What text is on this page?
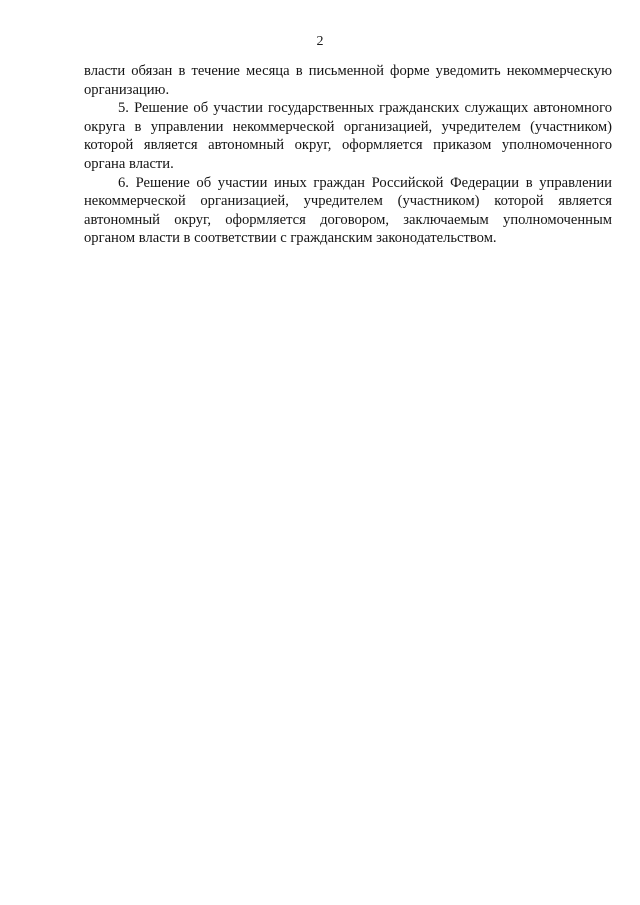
2

власти обязан в течение месяца в письменной форме уведомить некоммерческую организацию.

5. Решение об участии государственных гражданских служащих автономного округа в управлении некоммерческой организацией, учредителем (участником) которой является автономный округ, оформляется приказом уполномоченного органа власти.

6. Решение об участии иных граждан Российской Федерации в управлении некоммерческой организацией, учредителем (участником) которой является автономный округ, оформляется договором, заключаемым уполномоченным органом власти в соответствии с гражданским законодательством.
